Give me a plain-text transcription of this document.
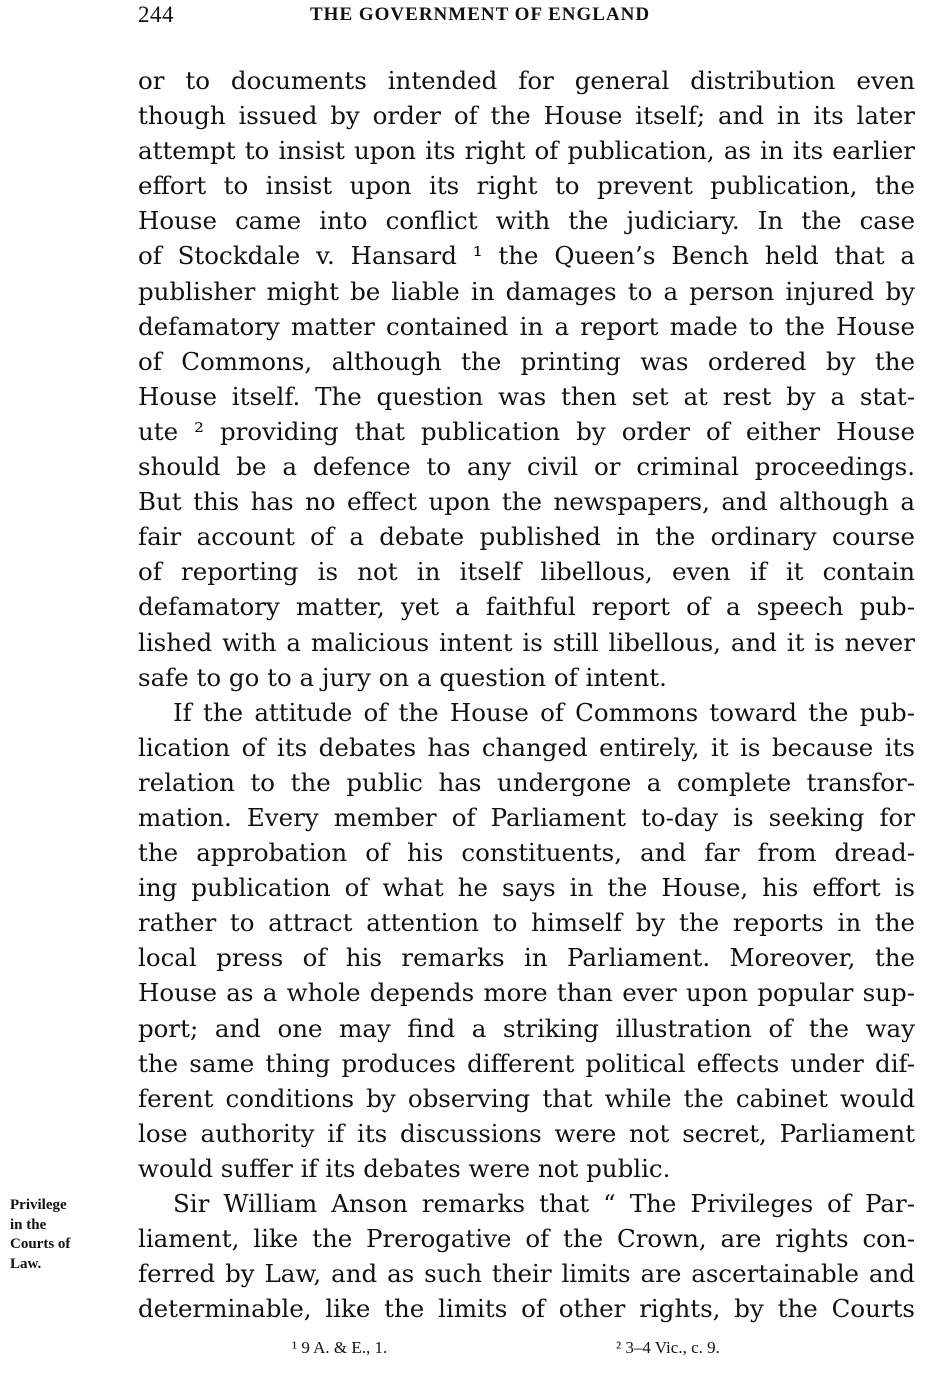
244	THE GOVERNMENT OF ENGLAND
or to documents intended for general distribution even
though issued by order of the House itself; and in its later
attempt to insist upon its right of publication, as in its earlier
effort to insist upon its right to prevent publication, the
House came into conflict with the judiciary. In the case
of Stockdale v. Hansard ¹ the Queen’s Bench held that a
publisher might be liable in damages to a person injured by
defamatory matter contained in a report made to the House
of Commons, although the printing was ordered by the
House itself. The question was then set at rest by a stat-
ute ² providing that publication by order of either House
should be a defence to any civil or criminal proceedings.
But this has no effect upon the newspapers, and although a
fair account of a debate published in the ordinary course
of reporting is not in itself libellous, even if it contain
defamatory matter, yet a faithful report of a speech pub-
lished with a malicious intent is still libellous, and it is never
safe to go to a jury on a question of intent.
If the attitude of the House of Commons toward the pub-
lication of its debates has changed entirely, it is because its
relation to the public has undergone a complete transfor-
mation. Every member of Parliament to-day is seeking for
the approbation of his constituents, and far from dread-
ing publication of what he says in the House, his effort is
rather to attract attention to himself by the reports in the
local press of his remarks in Parliament. Moreover, the
House as a whole depends more than ever upon popular sup-
port; and one may find a striking illustration of the way
the same thing produces different political effects under dif-
ferent conditions by observing that while the cabinet would
lose authority if its discussions were not secret, Parliament
would suffer if its debates were not public.
Sir William Anson remarks that “ The Privileges of Par-
liament, like the Prerogative of the Crown, are rights con-
ferred by Law, and as such their limits are ascertainable and
determinable, like the limits of other rights, by the Courts
Privilege
in the
Courts of
Law.
¹ 9 A. & E., 1.	² 3–4 Vic., c. 9.
